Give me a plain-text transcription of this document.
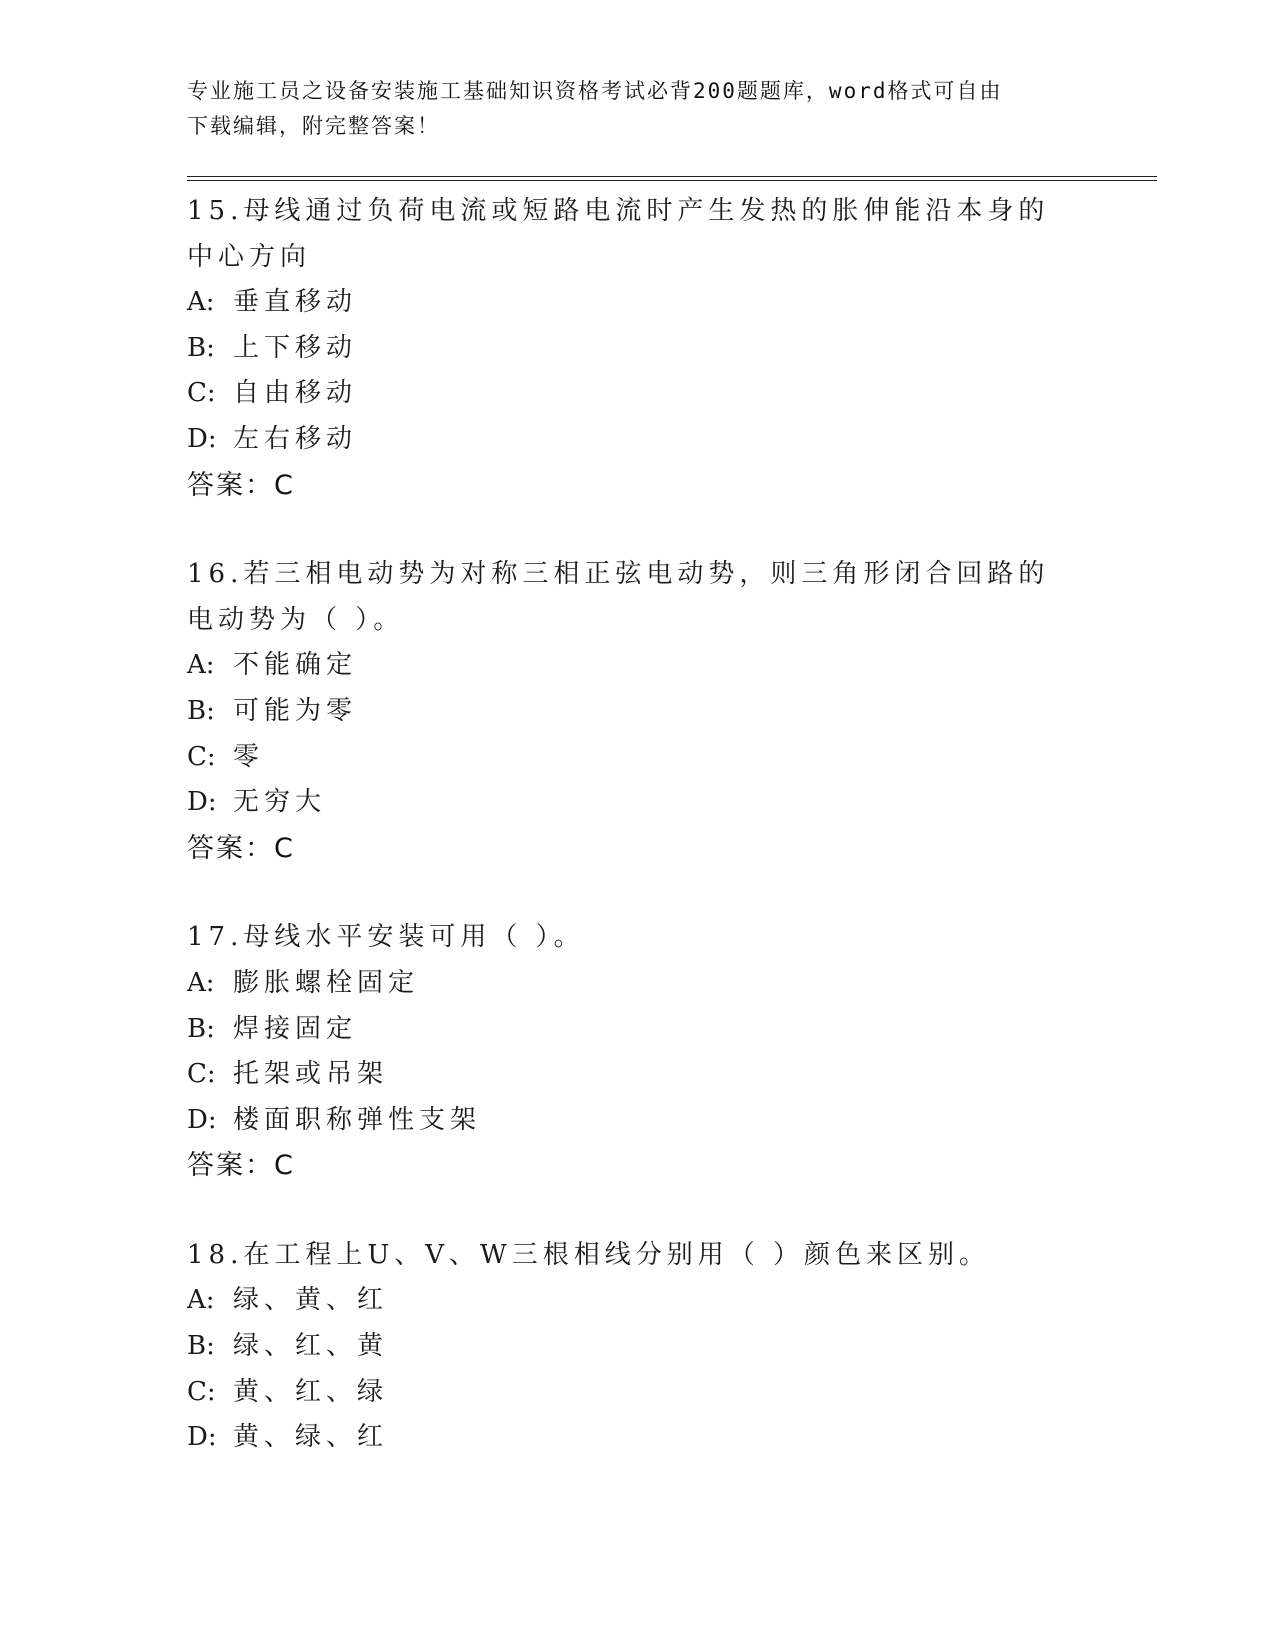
专业施工员之设备安装施工基础知识资格考试必背200题题库，word格式可自由
下载编辑，附完整答案！

15.母线通过负荷电流或短路电流时产生发热的胀伸能沿本身的中心方向

A: 垂直移动

B: 上下移动

C: 自由移动

D: 左右移动

答案：C

16.若三相电动势为对称三相正弦电动势，则三角形闭合回路的电动势为（ ）。

A: 不能确定

B: 可能为零

C: 零

D: 无穷大

答案：C

17.母线水平安装可用（ ）。

A: 膨胀螺栓固定

B: 焊接固定

C: 托架或吊架

D: 楼面职称弹性支架

答案：C

18.在工程上U、V、W三根相线分别用（ ）颜色来区别。

A: 绿、黄、红

B: 绿、红、黄

C: 黄、红、绿

D: 黄、绿、红
